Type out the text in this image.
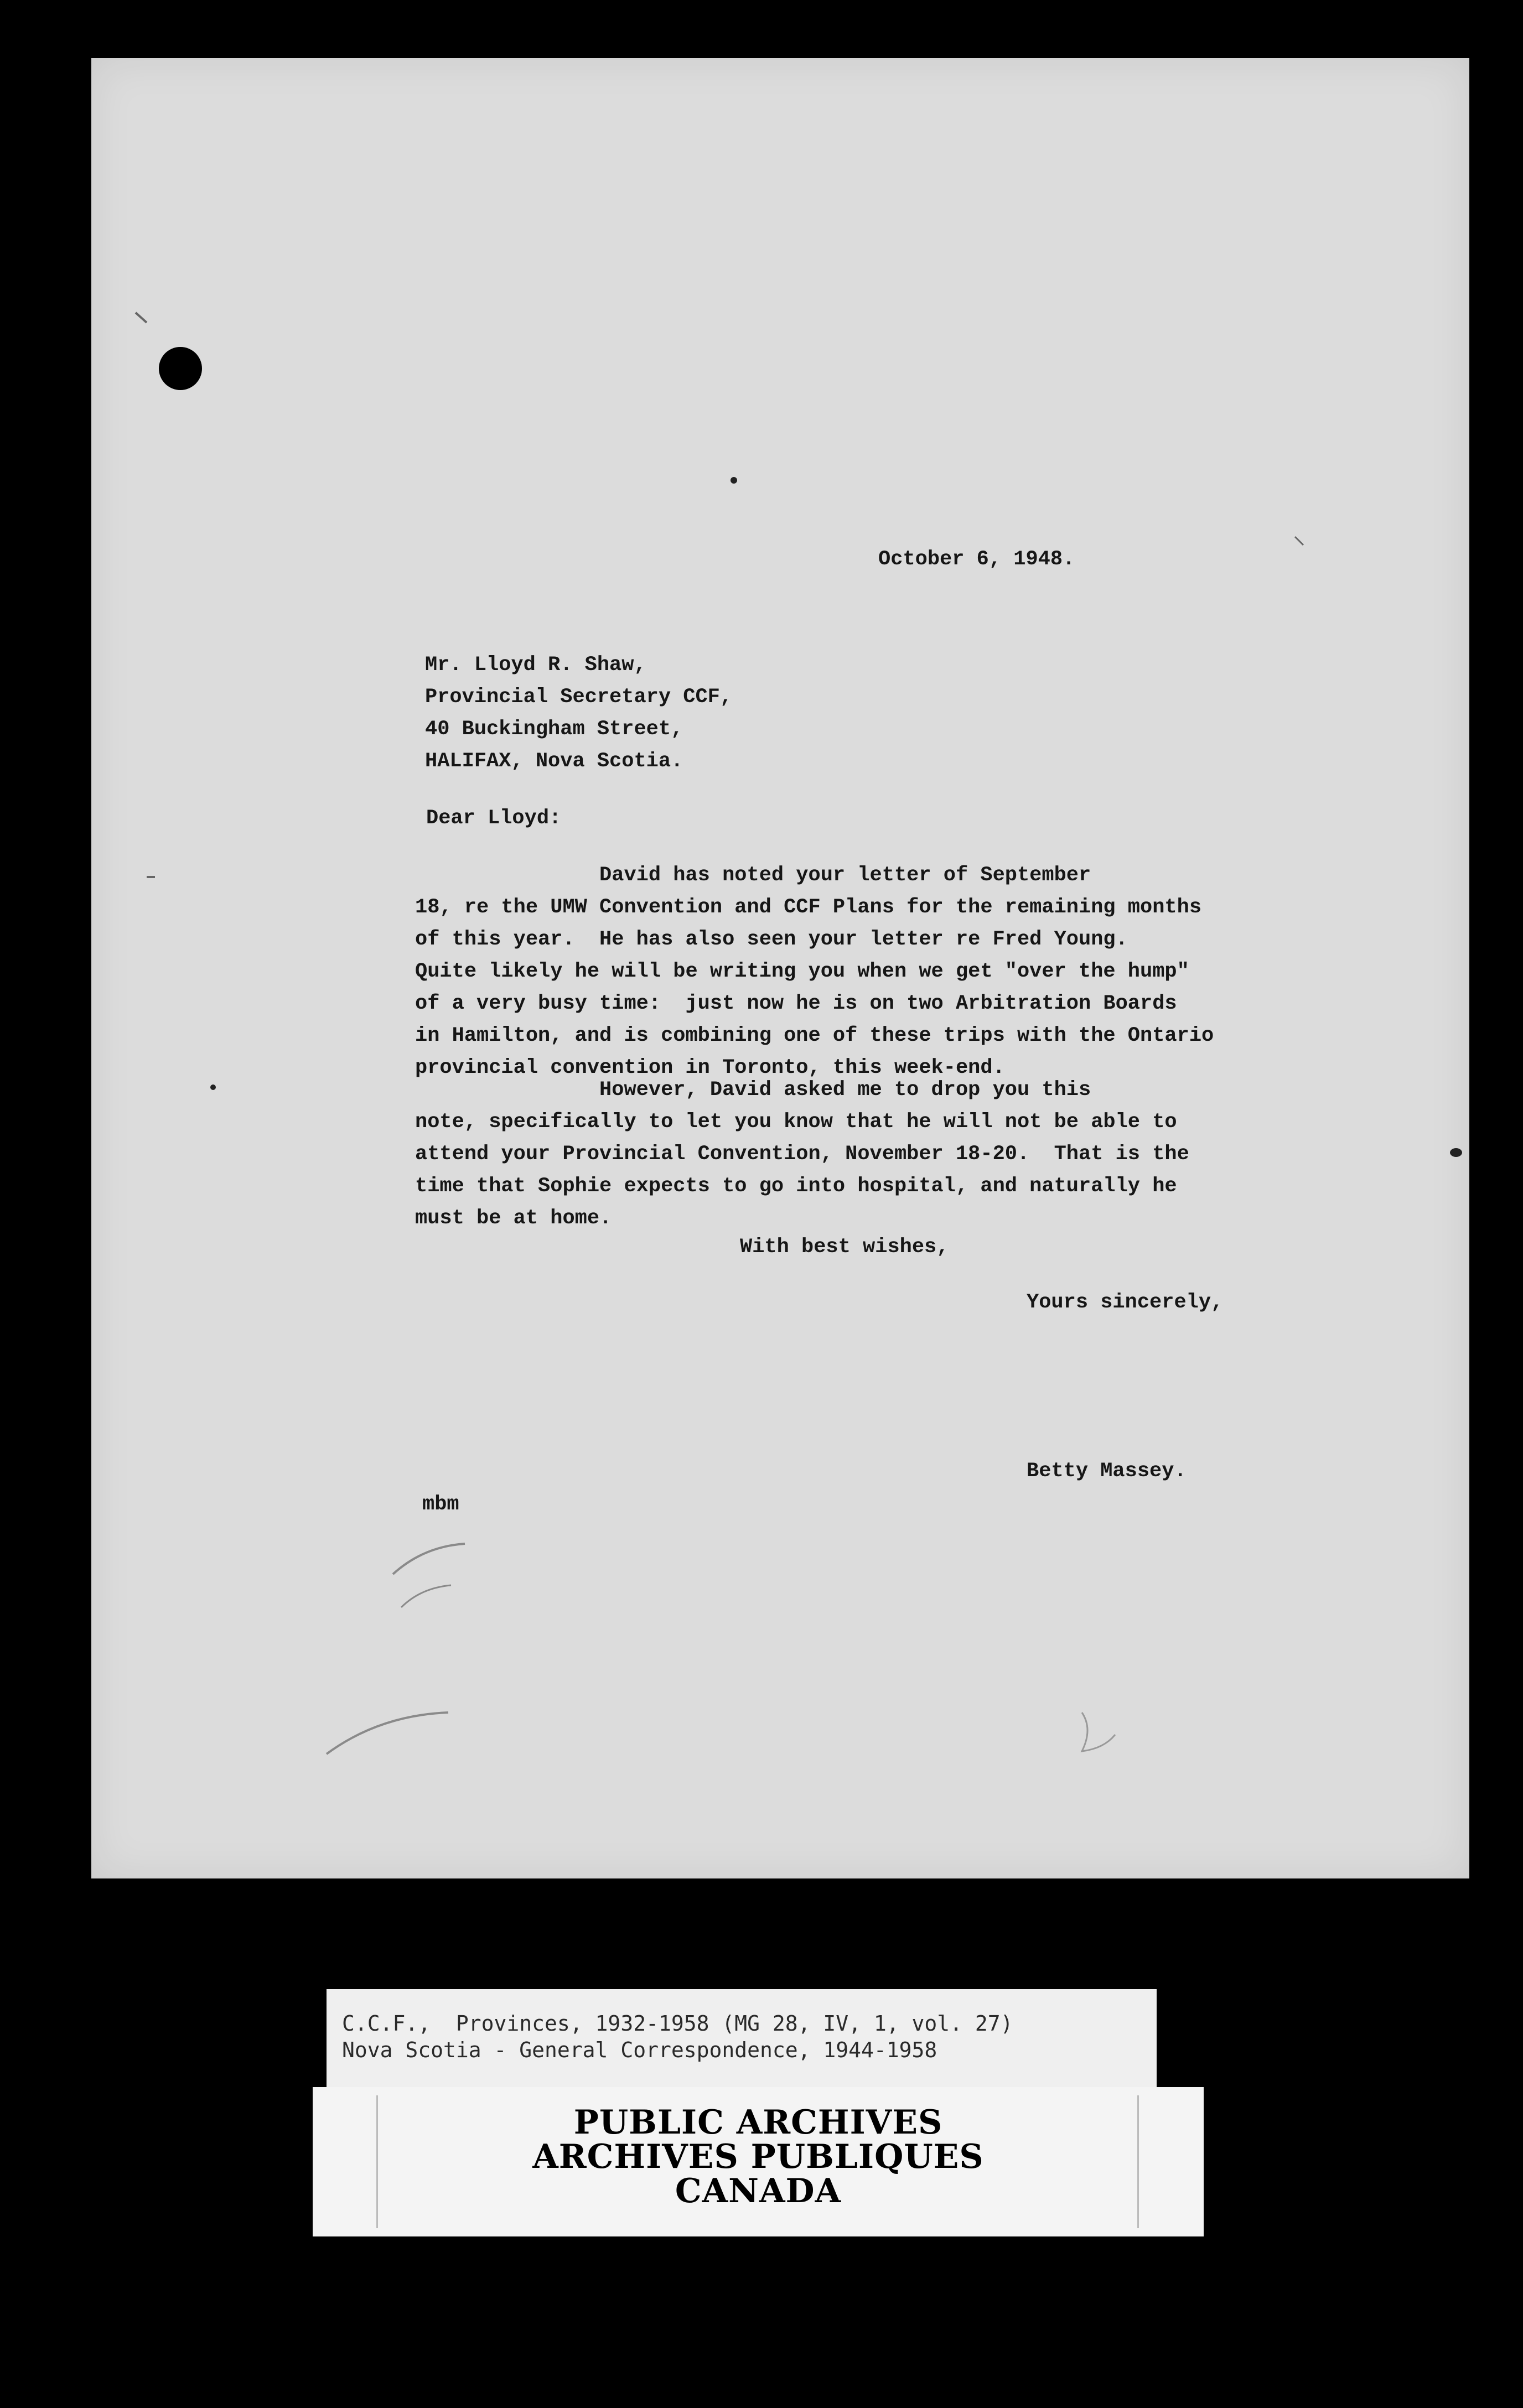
October 6, 1948.

Mr. Lloyd R. Shaw,
Provincial Secretary CCF,
40 Buckingham Street,
HALIFAX, Nova Scotia.

Dear Lloyd:

David has noted your letter of September
18, re the UMW Convention and CCF Plans for the remaining months
of this year.  He has also seen your letter re Fred Young.
Quite likely he will be writing you when we get "over the hump"
of a very busy time:  just now he is on two Arbitration Boards
in Hamilton, and is combining one of these trips with the Ontario
provincial convention in Toronto, this week-end.
However, David asked me to drop you this
note, specifically to let you know that he will not be able to
attend your Provincial Convention, November 18-20.  That is the
time that Sophie expects to go into hospital, and naturally he
must be at home.

With best wishes,

Yours sincerely,

Betty Massey.

mbm

C.C.F.,  Provinces, 1932-1958 (MG 28, IV, 1, vol. 27)
Nova Scotia - General Correspondence, 1944-1958
PUBLIC ARCHIVES
ARCHIVES PUBLIQUES
CANADA
